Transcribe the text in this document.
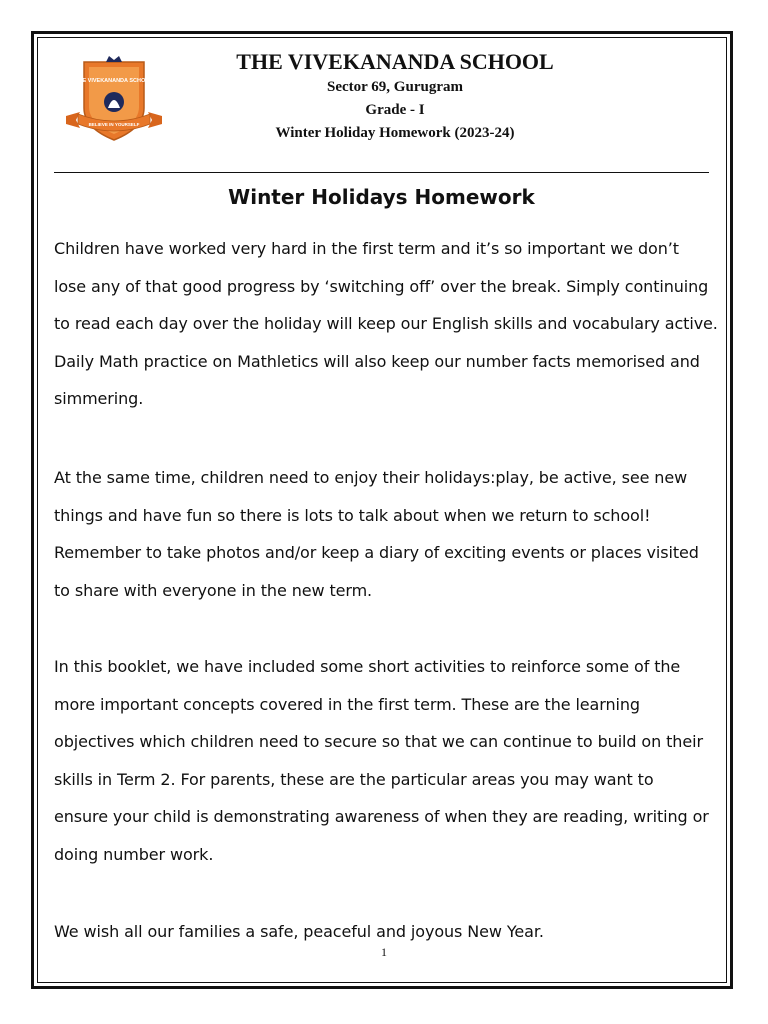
THE VIVEKANANDA SCHOOL
BELIEVE IN YOURSELF
THE VIVEKANANDA SCHOOL
Sector 69, Gurugram
Grade - I
Winter Holiday Homework (2023-24)
Winter Holidays Homework
Children have worked very hard in the first term and it’s so important we don’t
lose any of that good progress by ‘switching off’ over the break. Simply continuing
to read each day over the holiday will keep our English skills and vocabulary active.
Daily Math practice on Mathletics will also keep our number facts memorised and
simmering.
At the same time, children need to enjoy their holidays:play, be active, see new
things and have fun so there is lots to talk about when we return to school!
Remember to take photos and/or keep a diary of exciting events or places visited
to share with everyone in the new term.
In this booklet, we have included some short activities to reinforce some of the
more important concepts covered in the first term. These are the learning
objectives which children need to secure so that we can continue to build on their
skills in Term 2. For parents, these are the particular areas you may want to
ensure your child is demonstrating awareness of when they are reading, writing or
doing number work.
We wish all our families a safe, peaceful and joyous New Year.
1
